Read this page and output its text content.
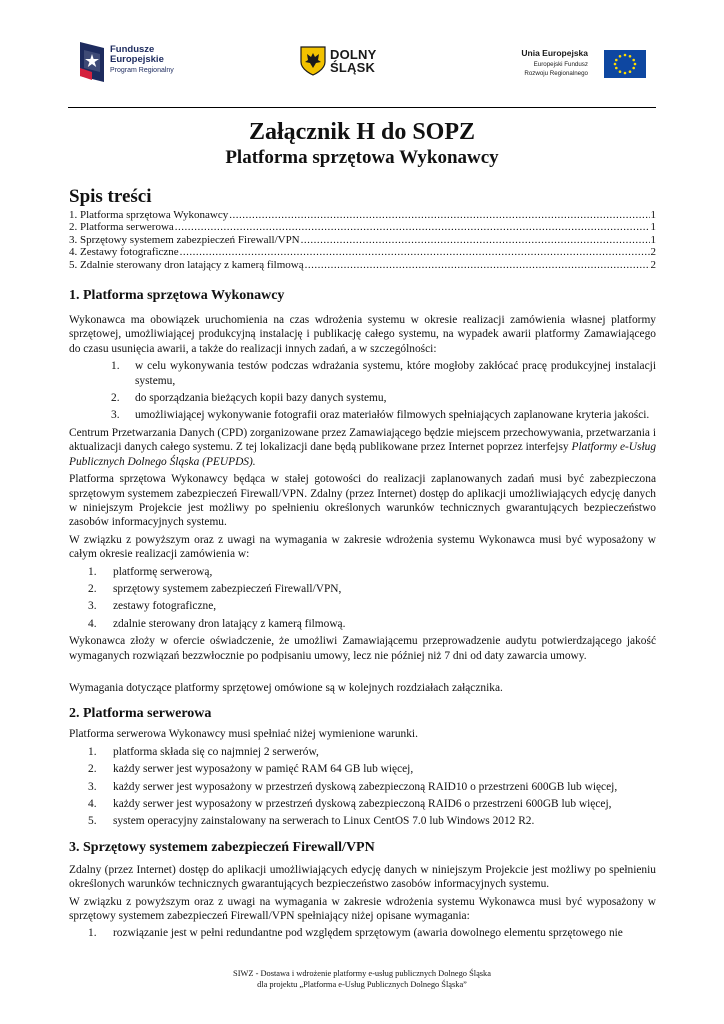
Fundusze
Europejskie
Program Regionalny
DOLNY
ŚLĄSK
Unia Europejska
Europejski Fundusz
Rozwoju Regionalnego
Załącznik H do SOPZ
Platforma sprzętowa Wykonawcy
Spis treści
1. Platforma sprzętowa Wykonawcy .....	1
2. Platforma serwerowa .....	1
3. Sprzętowy systemem zabezpieczeń Firewall/VPN .....	1
4. Zestawy fotograficzne .....	2
5. Zdalnie sterowany dron latający z kamerą filmową .....	2
1. Platforma sprzętowa Wykonawcy

Wykonawca ma obowiązek uruchomienia na czas wdrożenia systemu w okresie realizacji zamówienia własnej platformy sprzętowej, umożliwiającej produkcyjną instalację i publikację całego systemu, na wypadek awarii platformy Zamawiającego do czasu usunięcia awarii, a także do realizacji innych zadań, a w szczególności:

1. w celu wykonywania testów podczas wdrażania systemu, które mogłoby zakłócać pracę produkcyjnej instalacji systemu,
2. do sporządzania bieżących kopii bazy danych systemu,
3. umożliwiającej wykonywanie fotografii oraz materiałów filmowych spełniających zaplanowane kryteria jakości.

Centrum Przetwarzania Danych (CPD) zorganizowane przez Zamawiającego będzie miejscem przechowywania, przetwarzania i aktualizacji danych całego systemu. Z tej lokalizacji dane będą publikowane przez Internet poprzez interfejsy Platformy e-Usług Publicznych Dolnego Śląska (PEUPDS).

Platforma sprzętowa Wykonawcy będąca w stałej gotowości do realizacji zaplanowanych zadań musi być zabezpieczona sprzętowym systemem zabezpieczeń Firewall/VPN. Zdalny (przez Internet) dostęp do aplikacji umożliwiających edycję danych w niniejszym Projekcie jest możliwy po spełnieniu określonych warunków technicznych gwarantujących bezpieczeństwo zasobów informacyjnych systemu.

W związku z powyższym oraz z uwagi na wymagania w zakresie wdrożenia systemu Wykonawca musi być wyposażony w całym okresie realizacji zamówienia w:

1. platformę serwerową,
2. sprzętowy systemem zabezpieczeń Firewall/VPN,
3. zestawy fotograficzne,
4. zdalnie sterowany dron latający z kamerą filmową.

Wykonawca złoży w ofercie oświadczenie, że umożliwi Zamawiającemu przeprowadzenie audytu potwierdzającego jakość wymaganych rozwiązań bezzwłocznie po podpisaniu umowy, lecz nie później niż 7 dni od daty zawarcia umowy.

Wymagania dotyczące platformy sprzętowej omówione są w kolejnych rozdziałach załącznika.

2. Platforma serwerowa

Platforma serwerowa Wykonawcy musi spełniać niżej wymienione warunki.

1. platforma składa się co najmniej 2 serwerów,
2. każdy serwer jest wyposażony w pamięć RAM 64 GB lub więcej,
3. każdy serwer jest wyposażony w przestrzeń dyskową zabezpieczoną RAID10 o przestrzeni 600GB lub więcej,
4. każdy serwer jest wyposażony w przestrzeń dyskową zabezpieczoną RAID6 o przestrzeni 600GB lub więcej,
5. system operacyjny zainstalowany na serwerach to Linux CentOS 7.0 lub Windows 2012 R2.
3. Sprzętowy systemem zabezpieczeń Firewall/VPN

Zdalny (przez Internet) dostęp do aplikacji umożliwiających edycję danych w niniejszym Projekcie jest możliwy po spełnieniu określonych warunków technicznych gwarantujących bezpieczeństwo zasobów informacyjnych systemu.

W związku z powyższym oraz z uwagi na wymagania w zakresie wdrożenia systemu Wykonawca musi być wyposażony w sprzętowy systemem zabezpieczeń Firewall/VPN spełniający niżej opisane wymagania:

1. rozwiązanie jest w pełni redundantne pod względem sprzętowym (awaria dowolnego elementu sprzętowego nie
SIWZ - Dostawa i wdrożenie platformy e-usług publicznych Dolnego Śląska
dla projektu „Platforma e-Usług Publicznych Dolnego Śląska”
